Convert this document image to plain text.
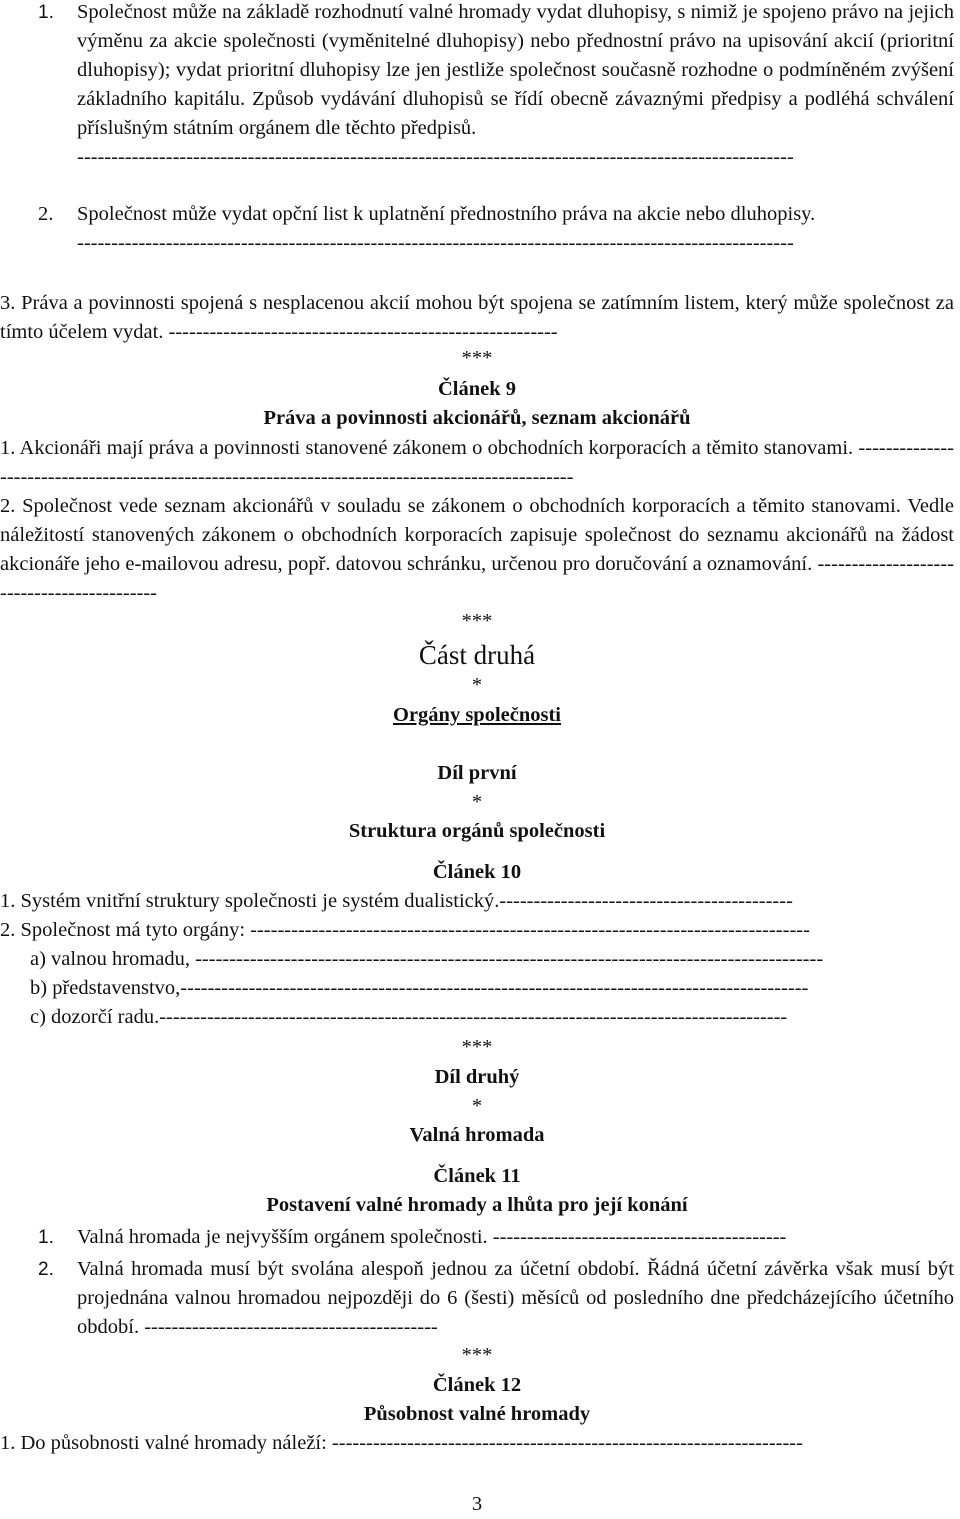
1.	Společnost může na základě rozhodnutí valné hromady vydat dluhopisy, s nimiž je spojeno právo na jejich výměnu za akcie společnosti (vyměnitelné dluhopisy) nebo přednostní právo na upisování akcií (prioritní dluhopisy); vydat prioritní dluhopisy lze jen jestliže společnost současně rozhodne o podmíněném zvýšení základního kapitálu. Způsob vydávání dluhopisů se řídí obecně závaznými předpisy a podléhá schválení příslušným státním orgánem dle těchto předpisů.
---------------------------------------------------------------------------------------------------------
2.	Společnost může vydat opční list k uplatnění přednostního práva na akcie nebo dluhopisy.
---------------------------------------------------------------------------------------------------------
3. Práva a povinnosti spojená s nesplacenou akcií mohou být spojena se zatímním listem, který může společnost za tímto účelem vydat. ---------------------------------------------------------
***
Článek 9
Práva a povinnosti akcionářů, seznam akcionářů
1. Akcionáři mají práva a povinnosti stanovené zákonem o obchodních korporacích a těmito stanovami. --------------------------------------------------------------------------------------------------
2. Společnost vede seznam akcionářů v souladu se zákonem o obchodních korporacích a těmito stanovami. Vedle náležitostí stanovených zákonem o obchodních korporacích zapisuje společnost do seznamu akcionářů na žádost akcionáře jeho e-mailovou adresu, popř. datovou schránku, určenou pro doručování a oznamování. -------------------------------------------
***
Část druhá
*
Orgány společnosti
Díl první
*
Struktura orgánů společnosti
Článek 10
1. Systém vnitřní struktury společnosti je systém dualistický.-------------------------------------------
2. Společnost má tyto orgány: ----------------------------------------------------------------------------------
a) valnou hromadu, --------------------------------------------------------------------------------------------
b) představenstvo,--------------------------------------------------------------------------------------------
c) dozorčí radu.--------------------------------------------------------------------------------------------
***
Díl druhý
*
Valná hromada
Článek 11
Postavení valné hromady a lhůta pro její konání
1.	Valná hromada je nejvyšším orgánem společnosti. -------------------------------------------
2.	Valná hromada musí být svolána alespoň jednou za účetní období. Řádná účetní závěrka však musí být projednána valnou hromadou nejpozději do 6 (šesti) měsíců od posledního dne předcházejícího účetního období. -------------------------------------------
***
Článek 12
Působnost valné hromady
1. Do působnosti valné hromady náleží: ---------------------------------------------------------------------
3
